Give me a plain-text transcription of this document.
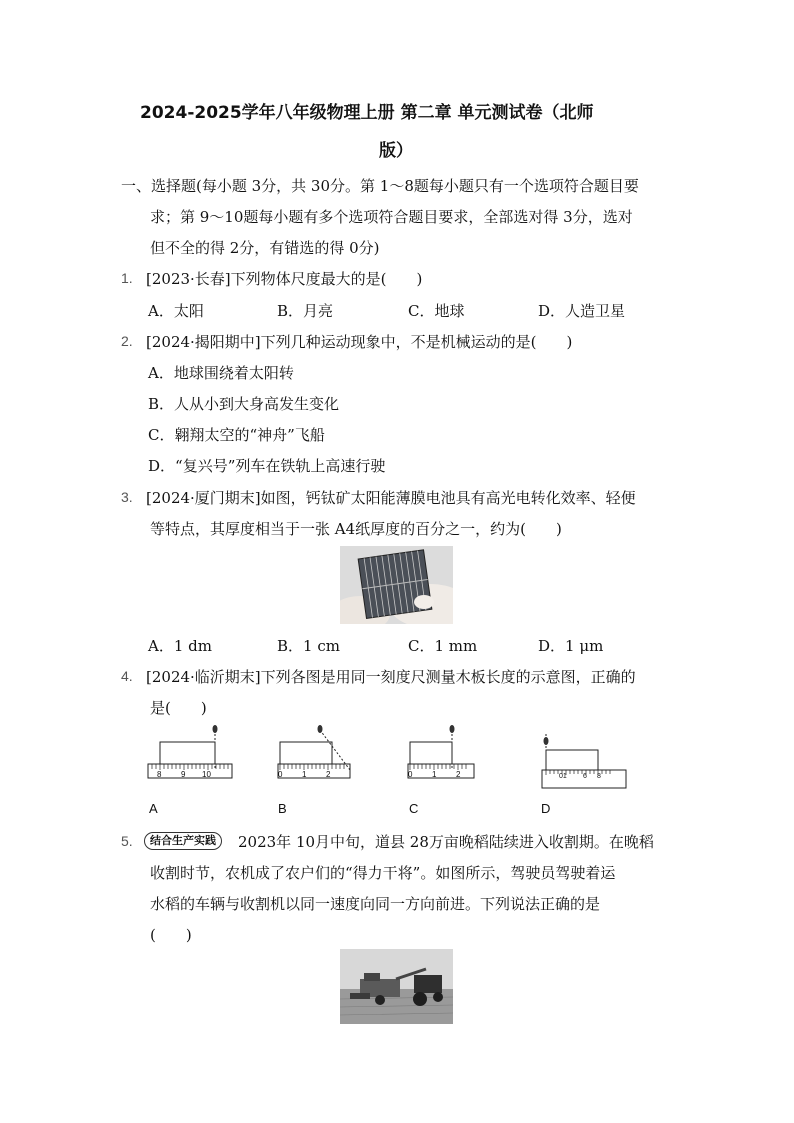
2024-2025学年八年级物理上册 第二章 单元测试卷（北师
版）
一、选择题(每小题 3分，共 30分。第 1～8题每小题只有一个选项符合题目要
求；第 9～10题每小题有多个选项符合题目要求，全部选对得 3分，选对
但不全的得 2分，有错选的得 0分)
1. [2023·长春]下列物体尺度最大的是(　　)
A．太阳	B．月亮	C．地球	D．人造卫星
2. [2024·揭阳期中]下列几种运动现象中，不是机械运动的是(　　)
A．地球围绕着太阳转
B．人从小到大身高发生变化
C．翱翔太空的“神舟”飞船
D．“复兴号”列车在铁轨上高速行驶
3. [2024·厦门期末]如图，钙钛矿太阳能薄膜电池具有高光电转化效率、轻便
等特点，其厚度相当于一张 A4纸厚度的百分之一，约为(　　)
A．1 dm	B．1 cm	C．1 mm	D．1 μm
4. [2024·临沂期末]下列各图是用同一刻度尺测量木板长度的示意图，正确的
是(　　)
8 9 10
A
0 1 2
B
0 1 2
C
01 6 8
D
5.	结合生产实践	2023年 10月中旬，道县 28万亩晚稻陆续进入收割期。在晚稻
收割时节，农机成了农户们的“得力干将”。如图所示，驾驶员驾驶着运
水稻的车辆与收割机以同一速度向同一方向前进。下列说法正确的是
(　　)
